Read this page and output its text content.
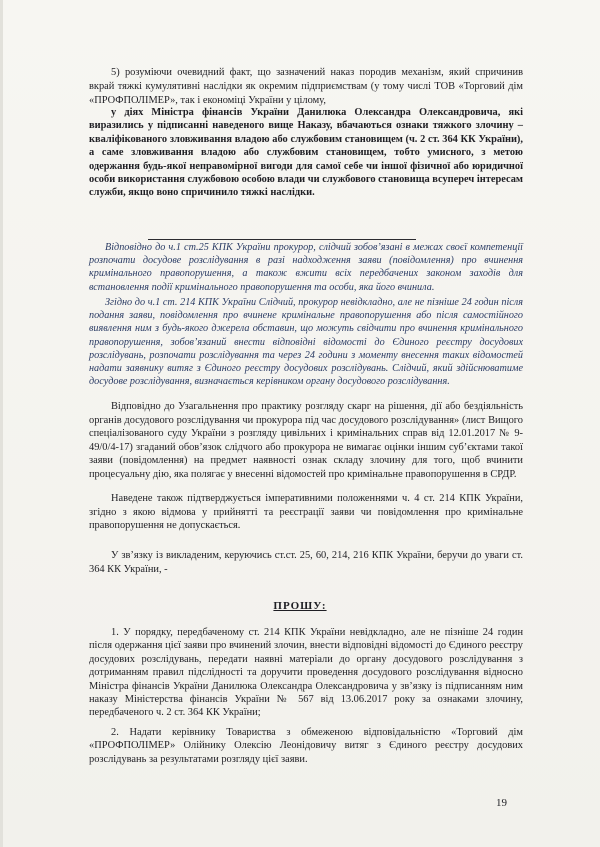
5) розуміючи очевидний факт, що зазначений наказ породив механізм, який спричинив вкрай тяжкі кумулятивні наслідки як окремим підприємствам (у тому числі ТОВ «Торговий дім «ПРОФПОЛІМЕР», так і економіці України у цілому,

у діях Міністра фінансів України Данилюка Олександра Олександровича, які виразились у підписанні наведеного вище Наказу, вбачаються ознаки тяжкого злочину – кваліфікованого зловживання владою або службовим становищем (ч. 2 ст. 364 КК України), а саме зловживання владою або службовим становищем, тобто умисного, з метою одержання будь-якої неправомірної вигоди для самої себе чи іншої фізичної або юридичної особи використання службовою особою влади чи службового становища всупереч інтересам служби, якщо воно спричинило тяжкі наслідки.

Відповідно до ч.1 ст.25 КПК України прокурор, слідчий зобов’язані в межах своєї компетенції розпочати досудове розслідування в разі надходження заяви (повідомлення) про вчинення кримінального правопорушення, а також вжити всіх передбачених законом заходів для встановлення події кримінального правопорушення та особи, яка його вчинила.

Згідно до ч.1 ст. 214 КПК України Слідчий, прокурор невідкладно, але не пізніше 24 годин після подання заяви, повідомлення про вчинене кримінальне правопорушення або після самостійного виявлення ним з будь-якого джерела обставин, що можуть свідчити про вчинення кримінального правопорушення, зобов’язаний внести відповідні відомості до Єдиного реєстру досудових розслідувань, розпочати розслідування та через 24 години з моменту внесення таких відомостей надати заявнику витяг з Єдиного реєстру досудових розслідувань. Слідчий, який здійснюватиме досудове розслідування, визначається керівником органу досудового розслідування.

Відповідно до Узагальнення про практику розгляду скарг на рішення, дії або бездіяльність органів досудового розслідування чи прокурора під час досудового розслідування» (лист Вищого спеціалізованого суду України з розгляду цивільних і кримінальних справ від 12.01.2017 № 9-49/0/4-17) згаданий обов’язок слідчого або прокурора не вимагає оцінки іншим суб’єктами такої заяви (повідомлення) на предмет наявності ознак складу злочину для того, щоб вчинити процесуальну дію, яка полягає у внесенні відомостей про кримінальне правопорушення в СРДР.

Наведене також підтверджується імперативними положеннями ч. 4 ст. 214 КПК України, згідно з якою відмова у прийнятті та реєстрації заяви чи повідомлення про кримінальне правопорушення не допускається.

У зв’язку із викладеним, керуючись ст.ст. 25, 60, 214, 216 КПК України, беручи до уваги ст. 364 КК України, -

ПРОШУ:

1. У порядку, передбаченому ст. 214 КПК України невідкладно, але не пізніше 24 годин після одержання цієї заяви про вчинений злочин, внести відповідні відомості до Єдиного реєстру досудових розслідувань, передати наявні матеріали до органу досудового розслідування з дотриманням правил підслідності та доручити проведення досудового розслідування відносно Міністра фінансів України Данилюка Олександра Олександровича у зв’язку із підписанням ним наказу Міністерства фінансів України № 567 від 13.06.2017 року за ознаками злочину, передбаченого ч. 2 ст. 364 КК України;

2. Надати керівнику Товариства з обмеженою відповідальністю «Торговий дім «ПРОФПОЛІМЕР» Олійнику Олексію Леонідовичу витяг з Єдиного реєстру досудових розслідувань за результатами розгляду цієї заяви.

19
